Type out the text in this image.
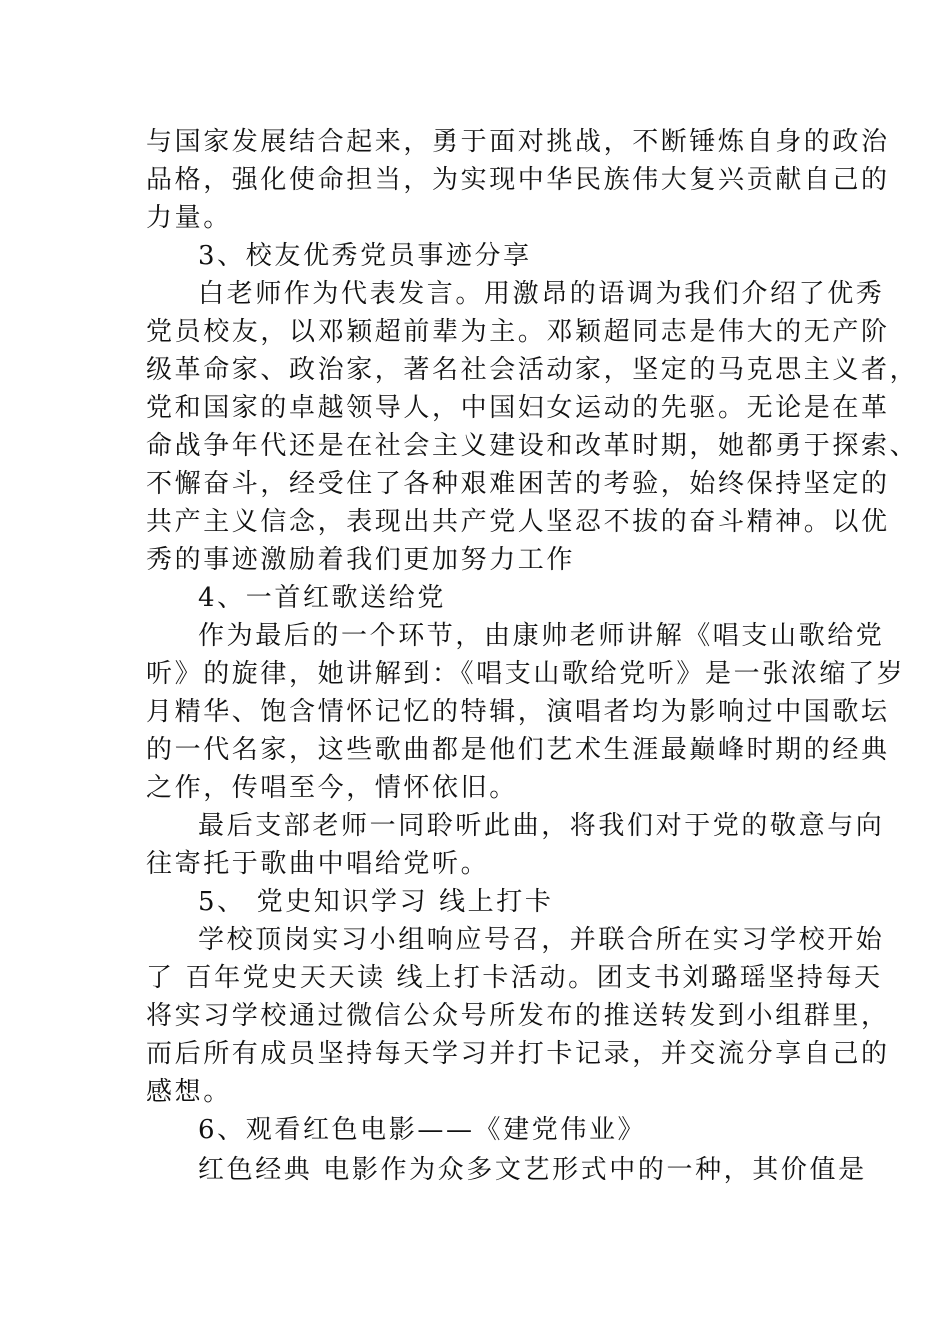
与国家发展结合起来，勇于面对挑战，不断锤炼自身的政治
品格，强化使命担当，为实现中华民族伟大复兴贡献自己的
力量。
3、校友优秀党员事迹分享
白老师作为代表发言。用激昂的语调为我们介绍了优秀
党员校友，以邓颖超前辈为主。邓颖超同志是伟大的无产阶
级革命家、政治家，著名社会活动家，坚定的马克思主义者，
党和国家的卓越领导人，中国妇女运动的先驱。无论是在革
命战争年代还是在社会主义建设和改革时期，她都勇于探索、
不懈奋斗，经受住了各种艰难困苦的考验，始终保持坚定的
共产主义信念，表现出共产党人坚忍不拔的奋斗精神。以优
秀的事迹激励着我们更加努力工作
4、一首红歌送给党
作为最后的一个环节，由康帅老师讲解《唱支山歌给党
听》的旋律，她讲解到：《唱支山歌给党听》是一张浓缩了岁
月精华、饱含情怀记忆的特辑，演唱者均为影响过中国歌坛
的一代名家，这些歌曲都是他们艺术生涯最巅峰时期的经典
之作，传唱至今，情怀依旧。
最后支部老师一同聆听此曲，将我们对于党的敬意与向
往寄托于歌曲中唱给党听。
5、 党史知识学习 线上打卡
学校顶岗实习小组响应号召，并联合所在实习学校开始
了 百年党史天天读 线上打卡活动。团支书刘璐瑶坚持每天
将实习学校通过微信公众号所发布的推送转发到小组群里，
而后所有成员坚持每天学习并打卡记录，并交流分享自己的
感想。
6、观看红色电影——《建党伟业》
红色经典 电影作为众多文艺形式中的一种，其价值是
